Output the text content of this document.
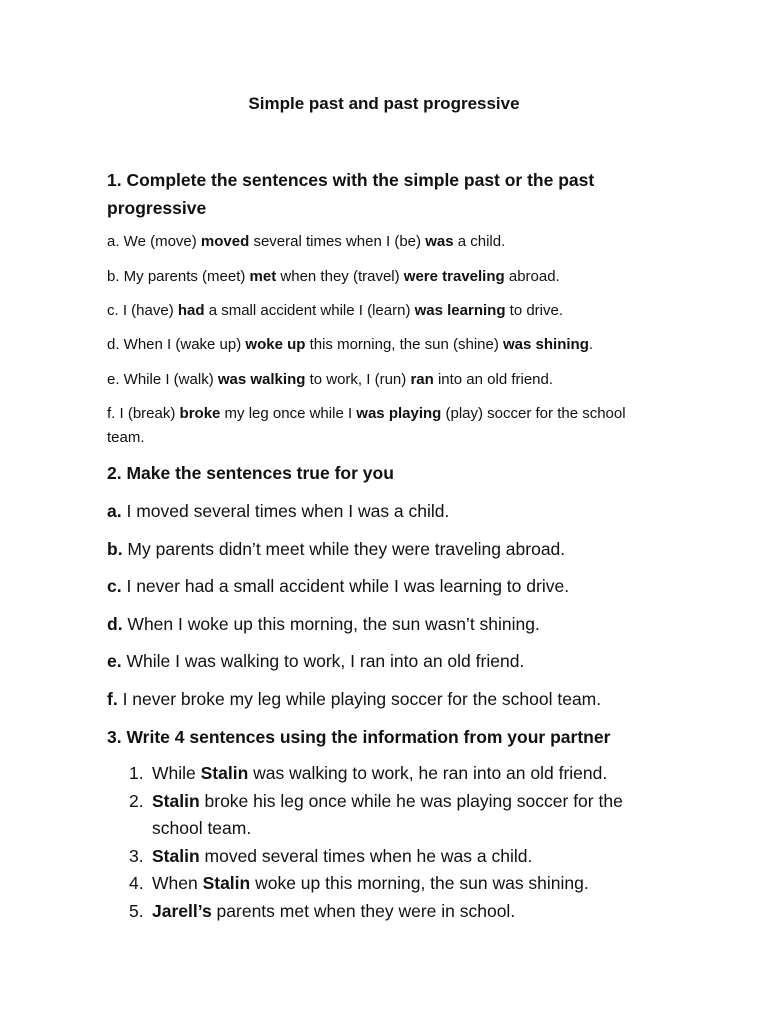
Simple past and past progressive
1. Complete the sentences with the simple past or the past progressive

a. We (move) moved several times when I (be) was a child.

b. My parents (meet) met when they (travel) were traveling abroad.

c. I (have) had a small accident while I (learn) was learning to drive.

d. When I (wake up) woke up this morning, the sun (shine) was shining.

e. While I (walk) was walking to work, I (run) ran into an old friend.

f. I (break) broke my leg once while I was playing (play) soccer for the school team.

2. Make the sentences true for you

a. I moved several times when I was a child.

b. My parents didn’t meet while they were traveling abroad.

c. I never had a small accident while I was learning to drive.

d. When I woke up this morning, the sun wasn’t shining.

e. While I was walking to work, I ran into an old friend.

f. I never broke my leg while playing soccer for the school team.

3. Write 4 sentences using the information from your partner
1. While Stalin was walking to work, he ran into an old friend.
2. Stalin broke his leg once while he was playing soccer for the school team.
3. Stalin moved several times when he was a child.
4. When Stalin woke up this morning, the sun was shining.
5. Jarell’s parents met when they were in school.
